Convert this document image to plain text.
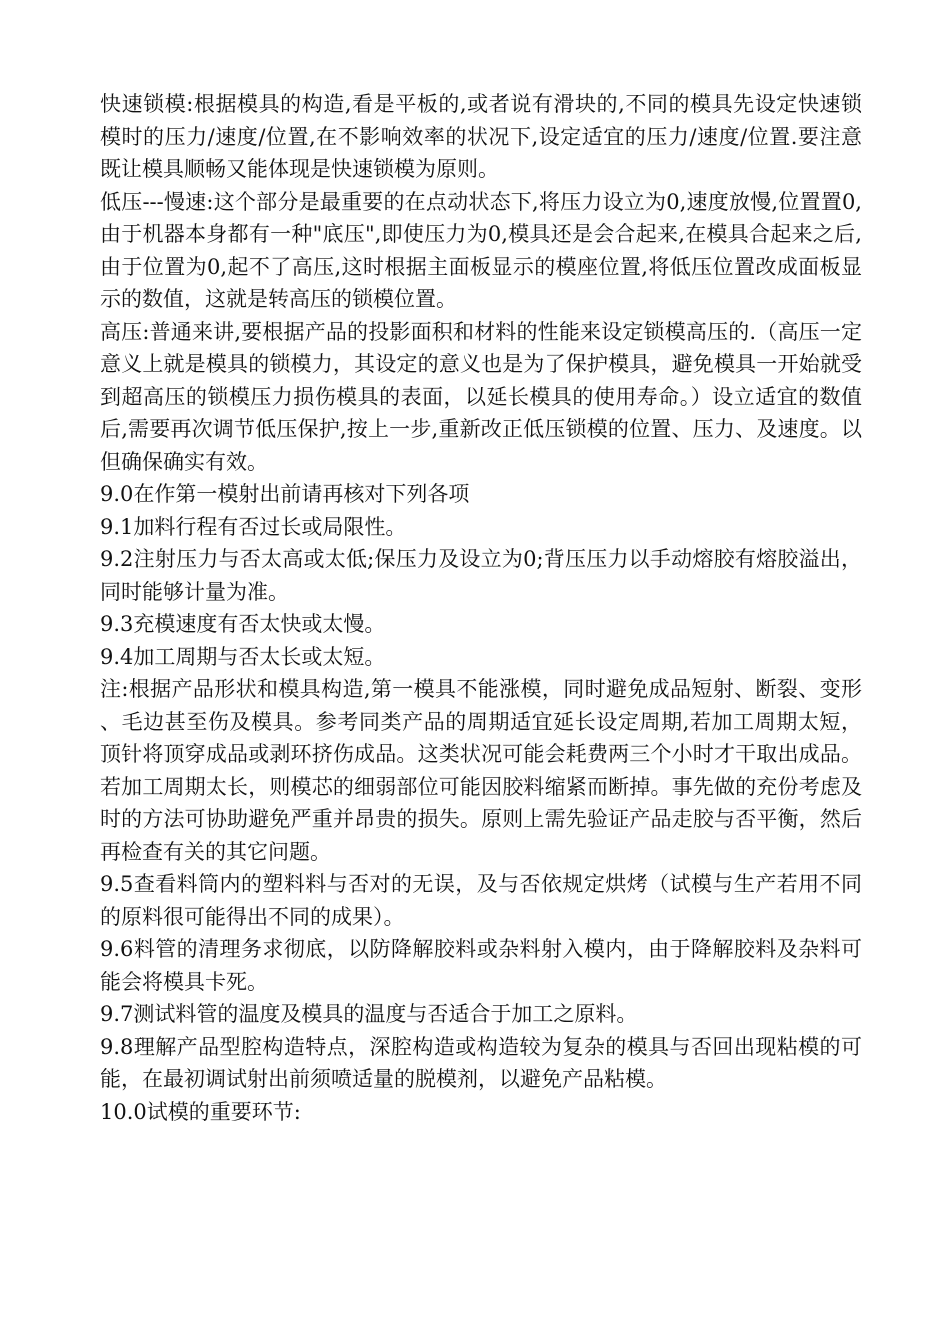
快速锁模:根据模具的构造,看是平板的,或者说有滑块的,不同的模具先设定快速锁模时的压力/速度/位置,在不影响效率的状况下,设定适宜的压力/速度/位置.要注意既让模具顺畅又能体现是快速锁模为原则。

低压---慢速:这个部分是最重要的在点动状态下,将压力设立为0,速度放慢,位置置0,由于机器本身都有一种"底压",即使压力为0,模具还是会合起来,在模具合起来之后,由于位置为0,起不了高压,这时根据主面板显示的模座位置,将低压位置改成面板显示的数值，这就是转高压的锁模位置。

高压:普通来讲,要根据产品的投影面积和材料的性能来设定锁模高压的.（高压一定意义上就是模具的锁模力，其设定的意义也是为了保护模具，避免模具一开始就受到超高压的锁模压力损伤模具的表面，以延长模具的使用寿命。）设立适宜的数值后,需要再次调节低压保护,按上一步,重新改正低压锁模的位置、压力、及速度。以但确保确实有效。

9.0在作第一模射出前请再核对下列各项

9.1加料行程有否过长或局限性。

9.2注射压力与否太高或太低;保压力及设立为0;背压压力以手动熔胶有熔胶溢出，同时能够计量为准。

9.3充模速度有否太快或太慢。

9.4加工周期与否太长或太短。

注:根据产品形状和模具构造,第一模具不能涨模，同时避免成品短射、断裂、变形、毛边甚至伤及模具。参考同类产品的周期适宜延长设定周期,若加工周期太短，顶针将顶穿成品或剥环挤伤成品。这类状况可能会耗费两三个小时才干取出成品。若加工周期太长，则模芯的细弱部位可能因胶料缩紧而断掉。事先做的充份考虑及时的方法可协助避免严重并昂贵的损失。原则上需先验证产品走胶与否平衡，然后再检查有关的其它问题。

9.5查看料筒内的塑料料与否对的无误，及与否依规定烘烤（试模与生产若用不同的原料很可能得出不同的成果）。

9.6料管的清理务求彻底，以防降解胶料或杂料射入模内，由于降解胶料及杂料可能会将模具卡死。

9.7测试料管的温度及模具的温度与否适合于加工之原料。

9.8理解产品型腔构造特点，深腔构造或构造较为复杂的模具与否回出现粘模的可能，在最初调试射出前须喷适量的脱模剂，以避免产品粘模。

10.0试模的重要环节:
